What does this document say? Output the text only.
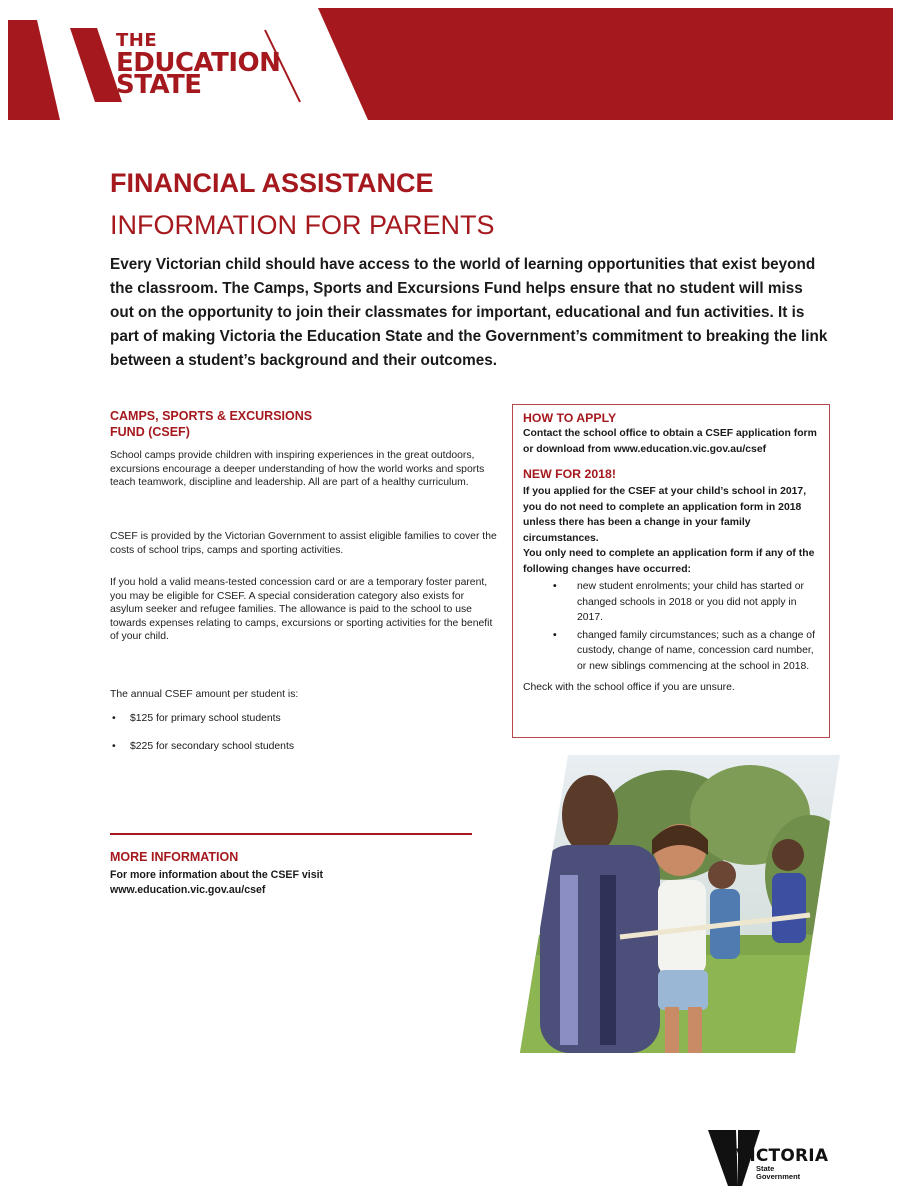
THE
EDUCATION
STATE
FINANCIAL ASSISTANCE
INFORMATION FOR PARENTS
Every Victorian child should have access to the world of learning opportunities that exist beyond the classroom. The Camps, Sports and Excursions Fund helps ensure that no student will miss out on the opportunity to join their classmates for important, educational and fun activities. It is part of making Victoria the Education State and the Government’s commitment to breaking the link between a student’s background and their outcomes.
CAMPS, SPORTS & EXCURSIONS
FUND (CSEF)

School camps provide children with inspiring experiences in the great outdoors, excursions encourage a deeper understanding of how the world works and sports teach teamwork, discipline and leadership. All are part of a healthy curriculum.

CSEF is provided by the Victorian Government to assist eligible families to cover the costs of school trips, camps and sporting activities.

If you hold a valid means-tested concession card or are a temporary foster parent, you may be eligible for CSEF. A special consideration category also exists for asylum seeker and refugee families. The allowance is paid to the school to use towards expenses relating to camps, excursions or sporting activities for the benefit of your child.

The annual CSEF amount per student is:

• $125 for primary school students
• $225 for secondary school students
MORE INFORMATION
For more information about the CSEF visit
www.education.vic.gov.au/csef
HOW TO APPLY
Contact the school office to obtain a CSEF application form or download from www.education.vic.gov.au/csef
NEW FOR 2018!
If you applied for the CSEF at your child’s school in 2017, you do not need to complete an application form in 2018 unless there has been a change in your family circumstances.
You only need to complete an application form if any of the following changes have occurred:
• new student enrolments; your child has started or changed schools in 2018 or you did not apply in 2017.
• changed family circumstances; such as a change of custody, change of name, concession card number, or new siblings commencing at the school in 2018.
Check with the school office if you are unsure.
VICTORIA
State
Government
